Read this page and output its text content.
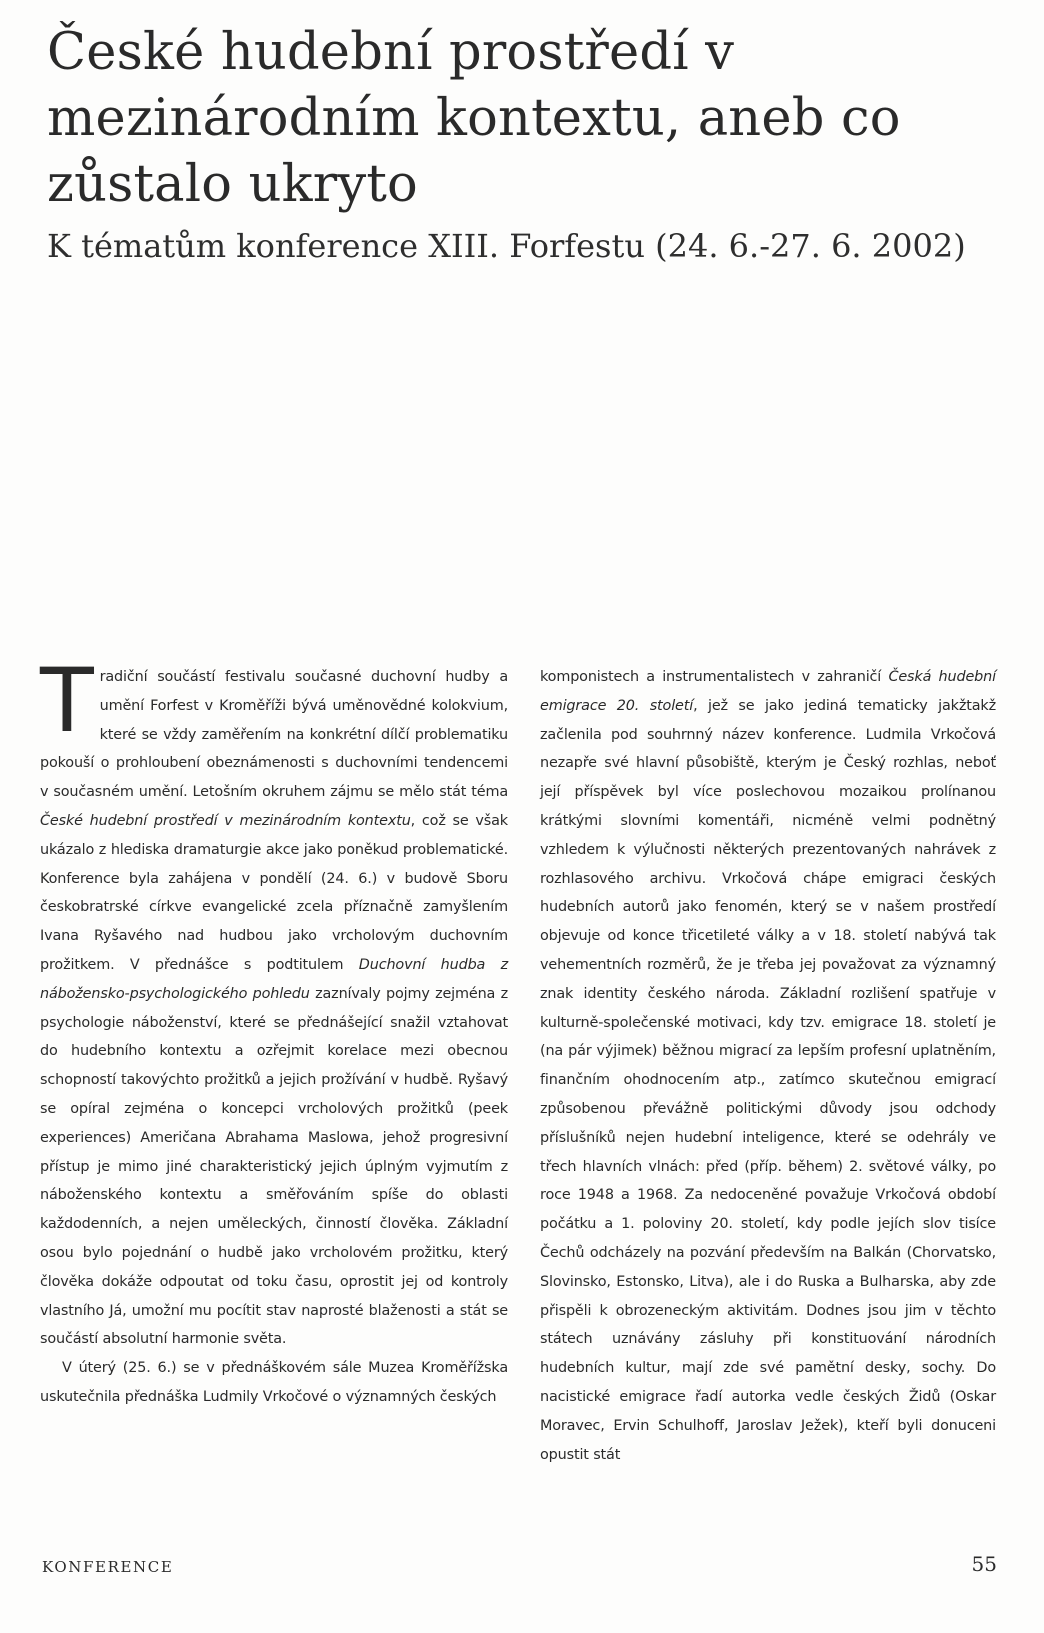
České hudební prostředí v mezinárodním kontextu, aneb co zůstalo ukryto
K tématům konference XIII. Forfestu (24. 6.-27. 6. 2002)

Tradiční součástí festivalu současné duchovní hudby a umění Forfest v Kroměříži bývá uměnovědné kolokvium, které se vždy zaměřením na konkrétní dílčí problematiku pokouší o prohloubení obeznámenosti s duchovními tendencemi v současném umění. Letošním okruhem zájmu se mělo stát téma České hudební prostředí v mezinárodním kontextu, což se však ukázalo z hlediska dramaturgie akce jako poněkud problematické. Konference byla zahájena v pondělí (24. 6.) v budově Sboru českobratrské církve evangelické zcela příznačně zamyšlením Ivana Ryšavého nad hudbou jako vrcholovým duchovním prožitkem. V přednášce s podtitulem Duchovní hudba z nábožensko-psychologického pohledu zaznívaly pojmy zejména z psychologie náboženství, které se přednášející snažil vztahovat do hudebního kontextu a ozřejmit korelace mezi obecnou schopností takovýchto prožitků a jejich prožívání v hudbě. Ryšavý se opíral zejména o koncepci vrcholových prožitků (peek experiences) Američana Abrahama Maslowa, jehož progresivní přístup je mimo jiné charakteristický jejich úplným vyjmutím z náboženského kontextu a směřováním spíše do oblasti každodenních, a nejen uměleckých, činností člověka. Základní osou bylo pojednání o hudbě jako vrcholovém prožitku, který člověka dokáže odpoutat od toku času, oprostit jej od kontroly vlastního Já, umožní mu pocítit stav naprosté blaženosti a stát se součástí absolutní harmonie světa.

V úterý (25. 6.) se v přednáškovém sále Muzea Kroměřížska uskutečnila přednáška Ludmily Vrkočové o významných českých

komponistech a instrumentalistech v zahraničí Česká hudební emigrace 20. století, jež se jako jediná tematicky jakžtakž začlenila pod souhrnný název konference. Ludmila Vrkočová nezapře své hlavní působiště, kterým je Český rozhlas, neboť její příspěvek byl více poslechovou mozaikou prolínanou krátkými slovními komentáři, nicméně velmi podnětný vzhledem k výlučnosti některých prezentovaných nahrávek z rozhlasového archivu. Vrkočová chápe emigraci českých hudebních autorů jako fenomén, který se v našem prostředí objevuje od konce třicetileté války a v 18. století nabývá tak vehementních rozměrů, že je třeba jej považovat za významný znak identity českého národa. Základní rozlišení spatřuje v kulturně-společenské motivaci, kdy tzv. emigrace 18. století je (na pár výjimek) běžnou migrací za lepším profesní uplatněním, finančním ohodnocením atp., zatímco skutečnou emigrací způsobenou převážně politickými důvody jsou odchody příslušníků nejen hudební inteligence, které se odehrály ve třech hlavních vlnách: před (příp. během) 2. světové války, po roce 1948 a 1968. Za nedoceněné považuje Vrkočová období počátku a 1. poloviny 20. století, kdy podle jejích slov tisíce Čechů odcházely na pozvání především na Balkán (Chorvatsko, Slovinsko, Estonsko, Litva), ale i do Ruska a Bulharska, aby zde přispěli k obrozeneckým aktivitám. Dodnes jsou jim v těchto státech uznávány zásluhy při konstituování národních hudebních kultur, mají zde své pamětní desky, sochy. Do nacistické emigrace řadí autorka vedle českých Židů (Oskar Moravec, Ervin Schulhoff, Jaroslav Ježek), kteří byli donuceni opustit stát

KONFERENCE	55
